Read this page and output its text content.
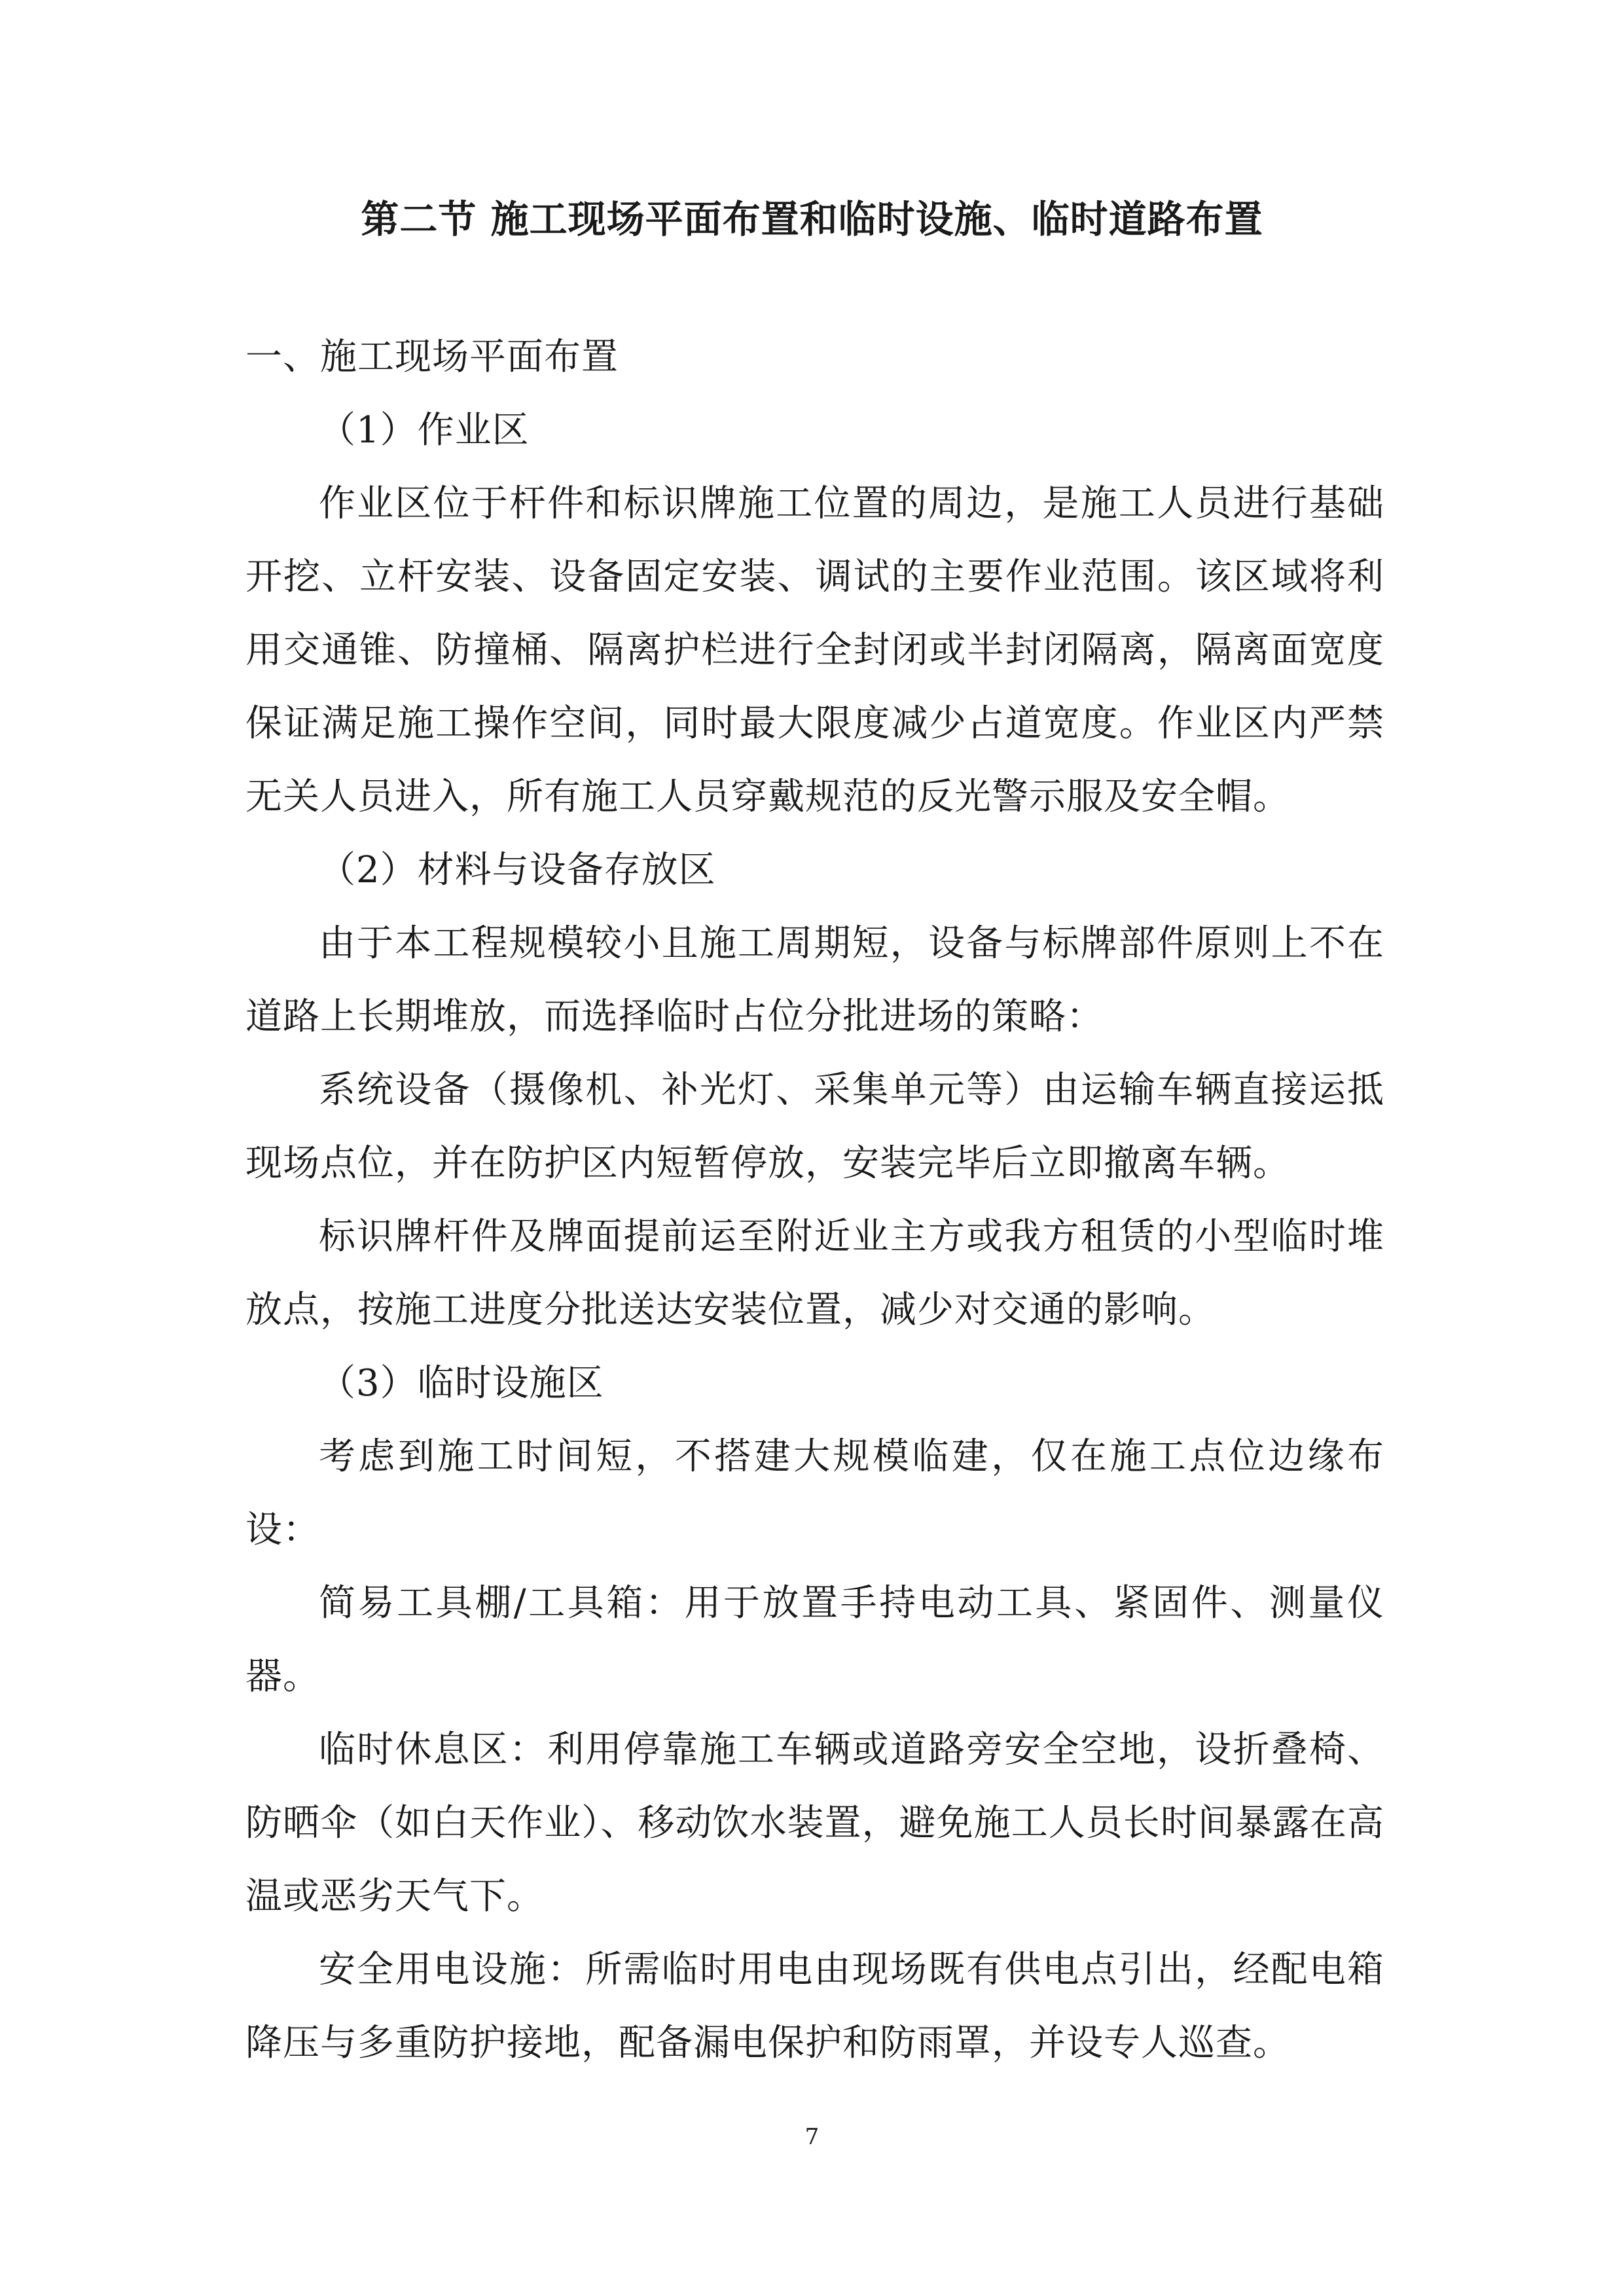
第二节 施工现场平面布置和临时设施、临时道路布置

一、施工现场平面布置

（1）作业区

作业区位于杆件和标识牌施工位置的周边，是施工人员进行基础开挖、立杆安装、设备固定安装、调试的主要作业范围。该区域将利用交通锥、防撞桶、隔离护栏进行全封闭或半封闭隔离，隔离面宽度保证满足施工操作空间，同时最大限度减少占道宽度。作业区内严禁无关人员进入，所有施工人员穿戴规范的反光警示服及安全帽。

（2）材料与设备存放区

由于本工程规模较小且施工周期短，设备与标牌部件原则上不在道路上长期堆放，而选择临时占位分批进场的策略：

系统设备（摄像机、补光灯、采集单元等）由运输车辆直接运抵现场点位，并在防护区内短暂停放，安装完毕后立即撤离车辆。

标识牌杆件及牌面提前运至附近业主方或我方租赁的小型临时堆放点，按施工进度分批送达安装位置，减少对交通的影响。

（3）临时设施区

考虑到施工时间短，不搭建大规模临建，仅在施工点位边缘布设：

简易工具棚/工具箱：用于放置手持电动工具、紧固件、测量仪器。

临时休息区：利用停靠施工车辆或道路旁安全空地，设折叠椅、防晒伞（如白天作业）、移动饮水装置，避免施工人员长时间暴露在高温或恶劣天气下。

安全用电设施：所需临时用电由现场既有供电点引出，经配电箱降压与多重防护接地，配备漏电保护和防雨罩，并设专人巡查。

7
